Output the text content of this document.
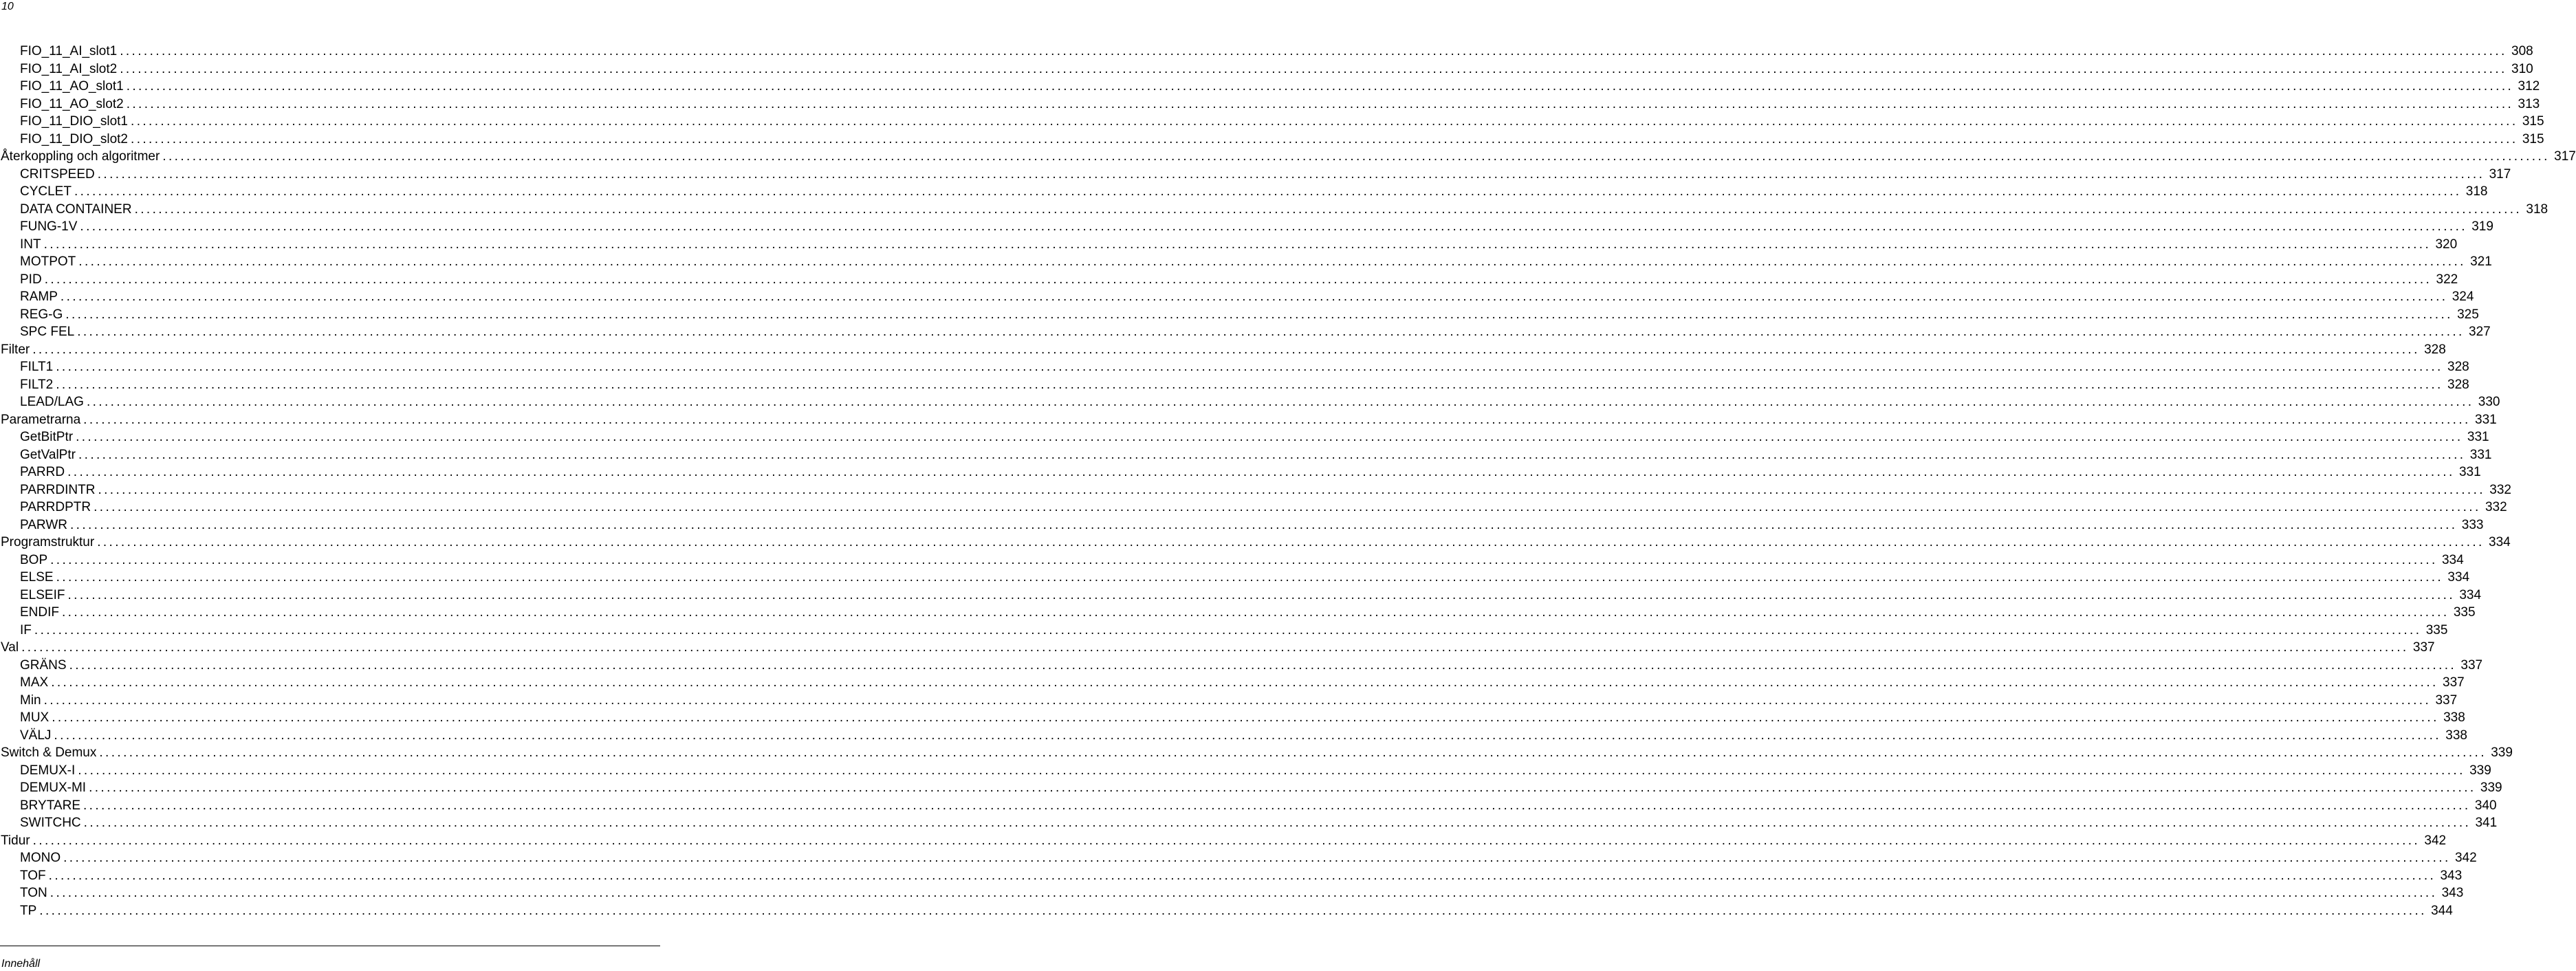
10
FIO_11_AI_slot1 ................................................................................................................................................................................................................................................................................................................................................................................................................ 308
FIO_11_AI_slot2 ................................................................................................................................................................................................................................................................................................................................................................................................................ 310
FIO_11_AO_slot1 ................................................................................................................................................................................................................................................................................................................................................................................................................ 312
FIO_11_AO_slot2 ................................................................................................................................................................................................................................................................................................................................................................................................................ 313
FIO_11_DIO_slot1 ................................................................................................................................................................................................................................................................................................................................................................................................................ 315
FIO_11_DIO_slot2 ................................................................................................................................................................................................................................................................................................................................................................................................................ 315
Återkoppling och algoritmer ................................................................................................................................................................................................................................................................................................................................................................................................................ 317
CRITSPEED ................................................................................................................................................................................................................................................................................................................................................................................................................ 317
CYCLET ................................................................................................................................................................................................................................................................................................................................................................................................................ 318
DATA CONTAINER ................................................................................................................................................................................................................................................................................................................................................................................................................ 318
FUNG-1V ................................................................................................................................................................................................................................................................................................................................................................................................................ 319
INT ................................................................................................................................................................................................................................................................................................................................................................................................................ 320
MOTPOT ................................................................................................................................................................................................................................................................................................................................................................................................................ 321
PID ................................................................................................................................................................................................................................................................................................................................................................................................................ 322
RAMP ................................................................................................................................................................................................................................................................................................................................................................................................................ 324
REG-G ................................................................................................................................................................................................................................................................................................................................................................................................................ 325
SPC FEL ................................................................................................................................................................................................................................................................................................................................................................................................................ 327
Filter ................................................................................................................................................................................................................................................................................................................................................................................................................ 328
FILT1 ................................................................................................................................................................................................................................................................................................................................................................................................................ 328
FILT2 ................................................................................................................................................................................................................................................................................................................................................................................................................ 328
LEAD/LAG ................................................................................................................................................................................................................................................................................................................................................................................................................ 330
Parametrarna ................................................................................................................................................................................................................................................................................................................................................................................................................ 331
GetBitPtr ................................................................................................................................................................................................................................................................................................................................................................................................................ 331
GetValPtr ................................................................................................................................................................................................................................................................................................................................................................................................................ 331
PARRD ................................................................................................................................................................................................................................................................................................................................................................................................................ 331
PARRDINTR ................................................................................................................................................................................................................................................................................................................................................................................................................ 332
PARRDPTR ................................................................................................................................................................................................................................................................................................................................................................................................................ 332
PARWR ................................................................................................................................................................................................................................................................................................................................................................................................................ 333
Programstruktur ................................................................................................................................................................................................................................................................................................................................................................................................................ 334
BOP ................................................................................................................................................................................................................................................................................................................................................................................................................ 334
ELSE ................................................................................................................................................................................................................................................................................................................................................................................................................ 334
ELSEIF ................................................................................................................................................................................................................................................................................................................................................................................................................ 334
ENDIF ................................................................................................................................................................................................................................................................................................................................................................................................................ 335
IF ................................................................................................................................................................................................................................................................................................................................................................................................................ 335
Val ................................................................................................................................................................................................................................................................................................................................................................................................................ 337
GRÄNS ................................................................................................................................................................................................................................................................................................................................................................................................................ 337
MAX ................................................................................................................................................................................................................................................................................................................................................................................................................ 337
Min ................................................................................................................................................................................................................................................................................................................................................................................................................ 337
MUX ................................................................................................................................................................................................................................................................................................................................................................................................................ 338
VÄLJ ................................................................................................................................................................................................................................................................................................................................................................................................................ 338
Switch & Demux ................................................................................................................................................................................................................................................................................................................................................................................................................ 339
DEMUX-I ................................................................................................................................................................................................................................................................................................................................................................................................................ 339
DEMUX-MI ................................................................................................................................................................................................................................................................................................................................................................................................................ 339
BRYTARE ................................................................................................................................................................................................................................................................................................................................................................................................................ 340
SWITCHC ................................................................................................................................................................................................................................................................................................................................................................................................................ 341
Tidur ................................................................................................................................................................................................................................................................................................................................................................................................................ 342
MONO ................................................................................................................................................................................................................................................................................................................................................................................................................ 342
TOF ................................................................................................................................................................................................................................................................................................................................................................................................................ 343
TON ................................................................................................................................................................................................................................................................................................................................................................................................................ 343
TP ................................................................................................................................................................................................................................................................................................................................................................................................................ 344
Innehåll
